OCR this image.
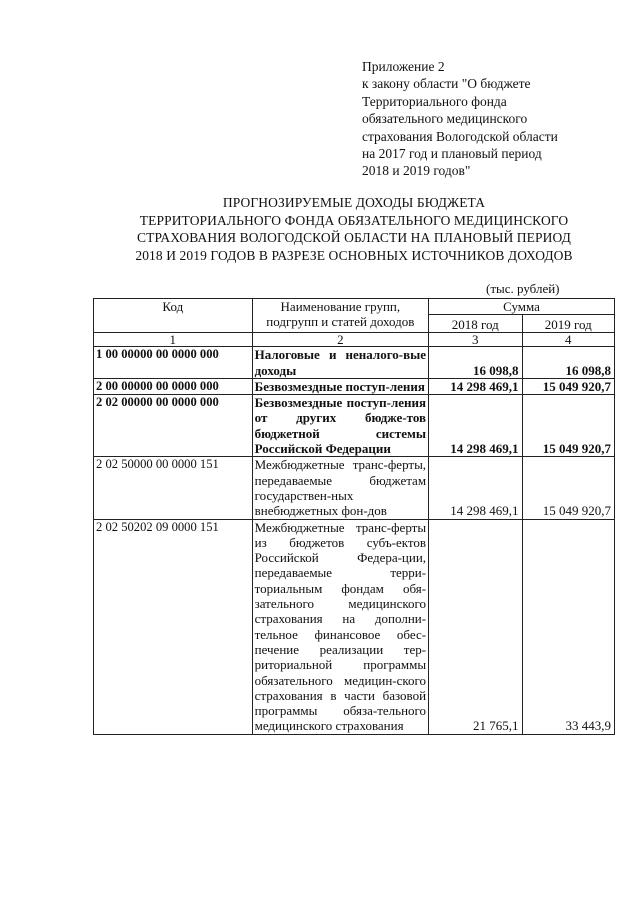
Приложение 2
к закону области "О бюджете
Территориального фонда
обязательного медицинского
страхования Вологодской области
на 2017 год и плановый период
2018 и 2019 годов"
ПРОГНОЗИРУЕМЫЕ ДОХОДЫ БЮДЖЕТА
ТЕРРИТОРИАЛЬНОГО ФОНДА ОБЯЗАТЕЛЬНОГО МЕДИЦИНСКОГО
СТРАХОВАНИЯ ВОЛОГОДСКОЙ ОБЛАСТИ НА ПЛАНОВЫЙ ПЕРИОД
2018 И 2019 ГОДОВ В РАЗРЕЗЕ ОСНОВНЫХ ИСТОЧНИКОВ ДОХОДОВ
(тыс. рублей)
Код	Наименование групп, подгрупп и статей доходов	Сумма	
		2018 год	2019 год
1	2	3	4
1 00 00000 00 0000 000	Налоговые и неналого-вые доходы	16 098,8	16 098,8
2 00 00000 00 0000 000	Безвозмездные поступ-ления	14 298 469,1	15 049 920,7
2 02 00000 00 0000 000	Безвозмездные поступ-ления от других бюдже-тов бюджетной системы Российской Федерации	14 298 469,1	15 049 920,7
2 02 50000 00 0000 151	Межбюджетные транс-ферты, передаваемые бюджетам государствен-ных внебюджетных фон-дов	14 298 469,1	15 049 920,7
2 02 50202 09 0000 151	Межбюджетные транс-ферты из бюджетов субъ-ектов Российской Федера-ции, передаваемые терри-ториальным фондам обя-зательного медицинского страхования на дополни-тельное финансовое обес-печение реализации тер-риториальной программы обязательного медицин-ского страхования в части базовой программы обяза-тельного медицинского страхования	21 765,1	33 443,9
